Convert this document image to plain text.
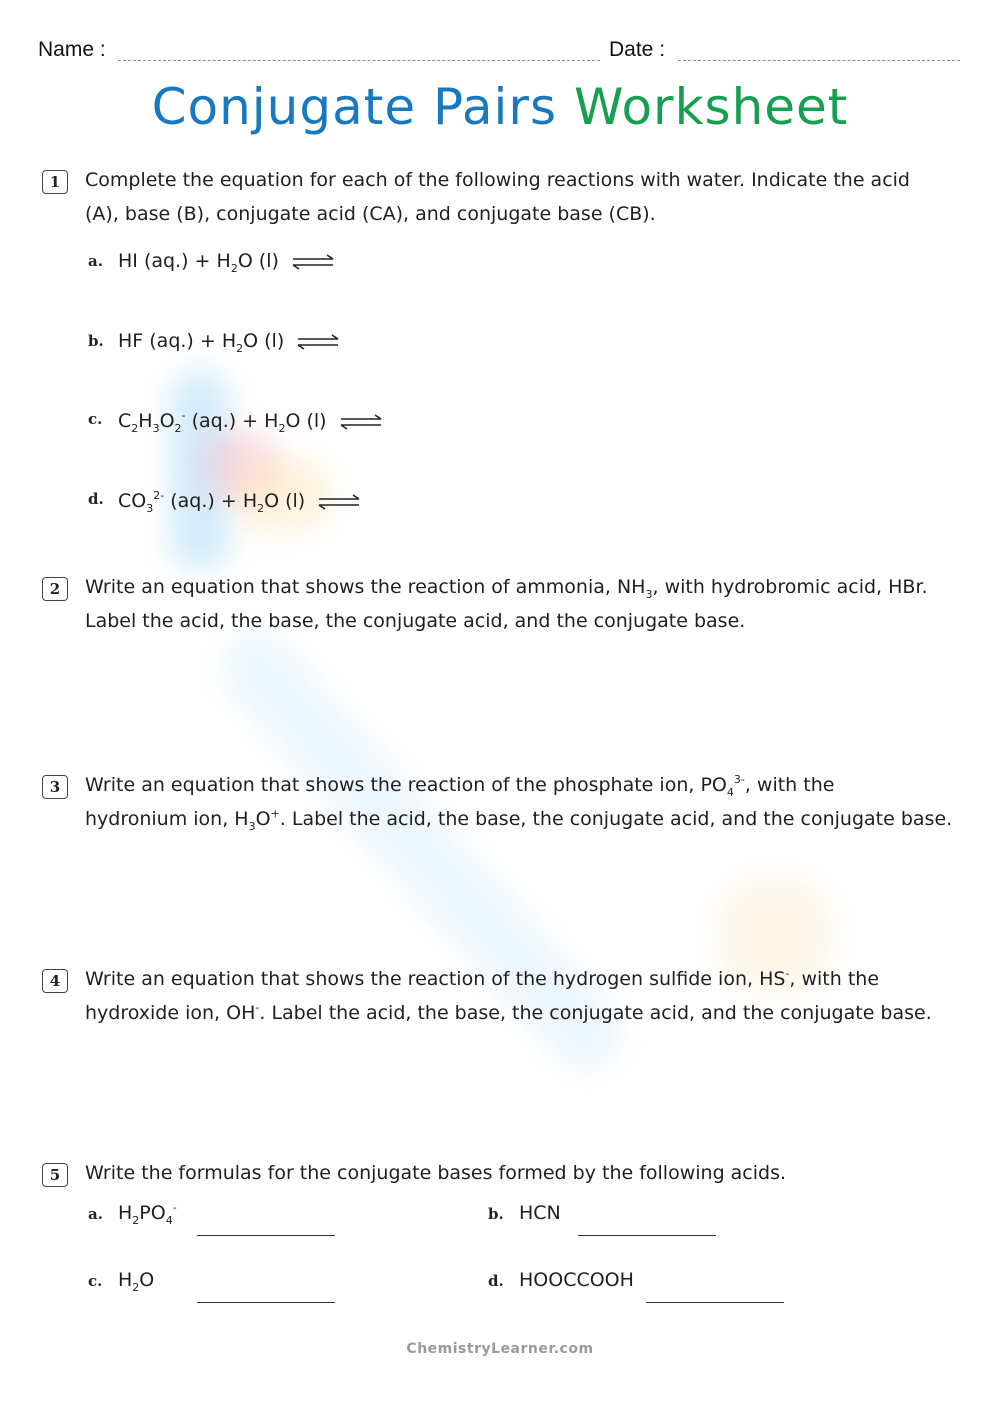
Name :	Date :
Conjugate Pairs Worksheet
1	Complete the equation for each of the following reactions with water. Indicate the acid
(A), base (B), conjugate acid (CA), and conjugate base (CB).
a. HI $(aq.) + H_2O$ (l) ⇌
b. HF $(aq.) + H_2O$ (l) ⇌
c. $C_2H_3O_2^-$ $(aq.) + H_2O$ (l) ⇌
d. $CO_3^{2-}$ $(aq.) + H_2O$ (l) ⇌
2	Write an equation that shows the reaction of ammonia, $NH_3$, with hydrobromic acid, HBr.
Label the acid, the base, the conjugate acid, and the conjugate base.
3	Write an equation that shows the reaction of the phosphate ion, $PO_4^{3-}$, with the
hydronium ion, $H_3O^+$. Label the acid, the base, the conjugate acid, and the conjugate base.
4	Write an equation that shows the reaction of the hydrogen sulfide ion, HS-, with the
hydroxide ion, OH-. Label the acid, the base, the conjugate acid, and the conjugate base.
5	Write the formulas for the conjugate bases formed by the following acids.
a. $H_2PO_4^-$	b. HCN
c. $H_2O$	d. HOOCCOOH
ChemistryLearner.com
